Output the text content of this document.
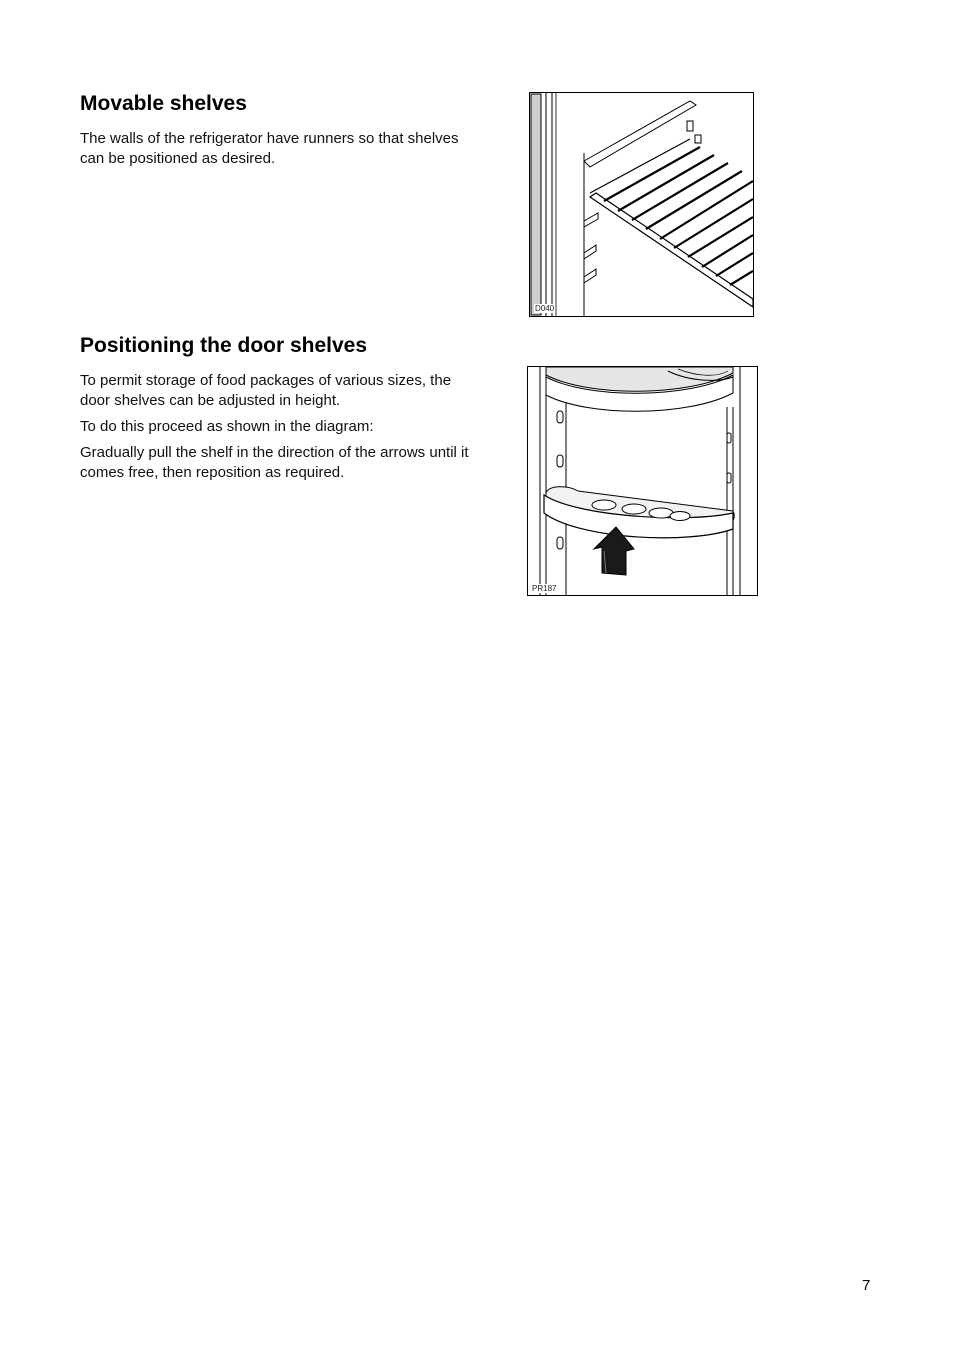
Movable shelves

The walls of the refrigerator have runners so that shelves can be positioned as desired.

D040
Positioning the door shelves

To permit storage of food packages of various sizes, the door shelves can be adjusted in height.

To do this proceed as shown in the diagram:

Gradually pull the shelf in the direction of the arrows until it comes free, then reposition as required.

PR187
7
